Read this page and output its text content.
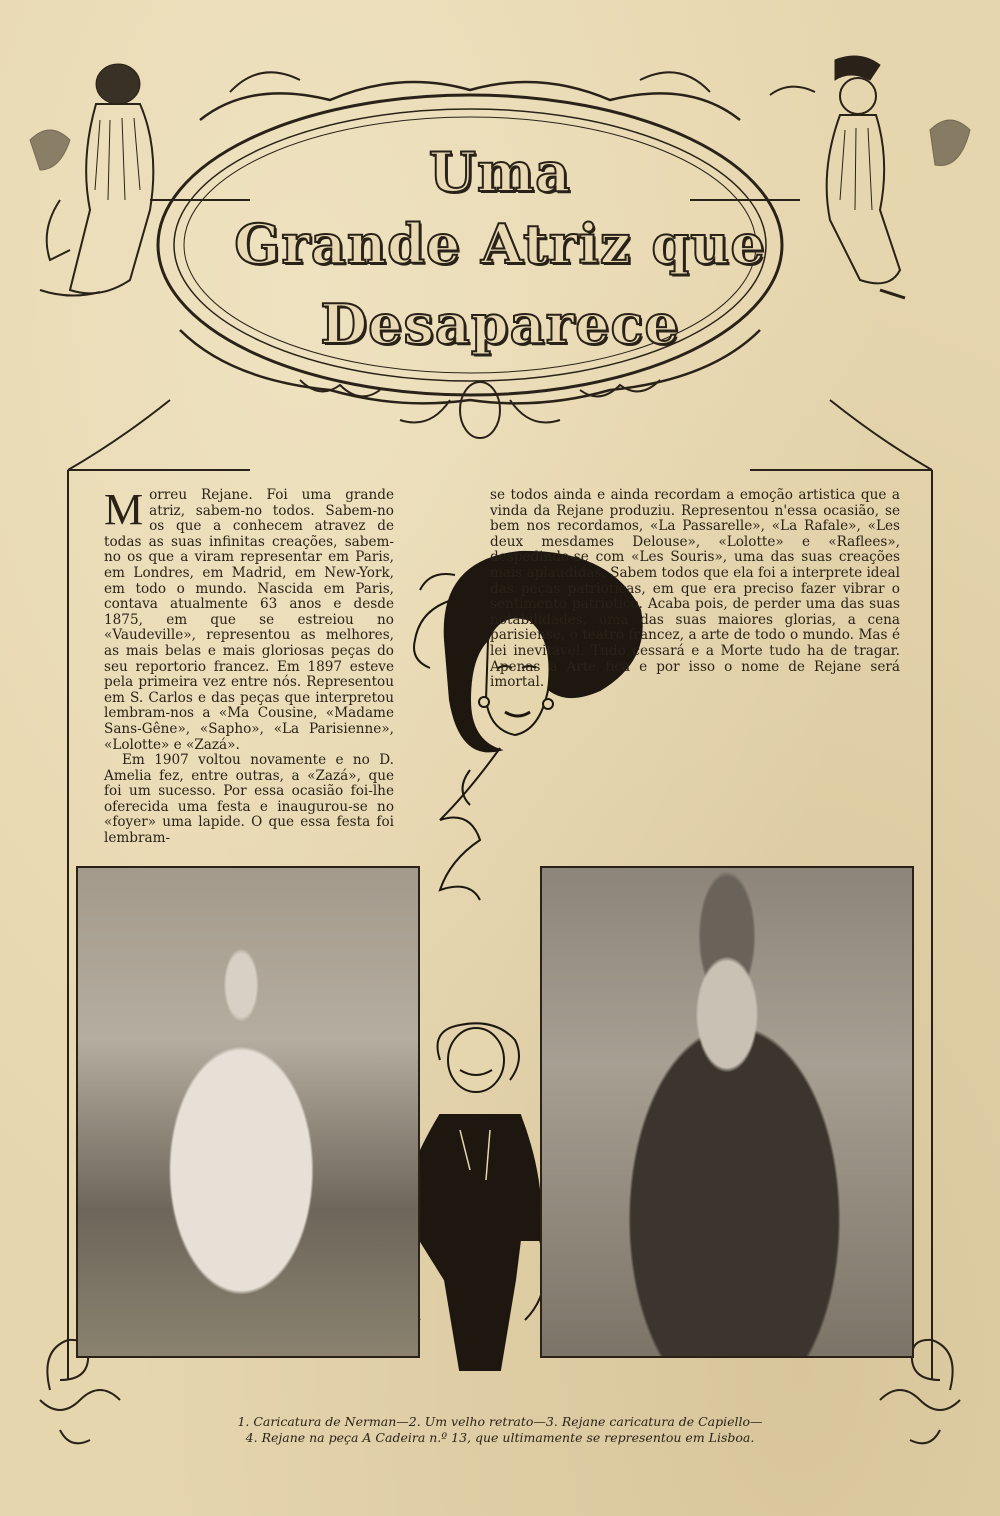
Uma
Grande Atriz que
Desaparece

Morreu Rejane. Foi uma grande atriz, sabem-no todos. Sabem-no os que a conhecem atravez de todas as suas infinitas creações, sabem-no os que a viram representar em Paris, em Londres, em Madrid, em New-York, em todo o mundo. Nascida em Paris, contava atualmente 63 anos e desde 1875, em que se estreiou no «Vaudeville», representou as melhores, as mais belas e mais gloriosas peças do seu reportorio francez. Em 1897 esteve pela primeira vez entre nós. Representou em S. Carlos e das peças que interpretou lembram-nos a «Ma Cousine, «Madame Sans-Gêne», «Sapho», «La Parisienne», «Lolotte» e «Zazá».

Em 1907 voltou novamente e no D. Amelia fez, entre outras, a «Zazá», que foi um sucesso. Por essa ocasião foi-lhe oferecida uma festa e inaugurou-se no «foyer» uma lapide. O que essa festa foi lembram-

se todos ainda e ainda recordam a emoção artistica que a vinda da Rejane produziu. Representou n'essa ocasião, se bem nos recordamos, «La Passarelle», «La Rafale», «Les deux mesdames Delouse», «Lolotte» e «Raflees», despedindo-se com «Les Souris», uma das suas creações mais aplaudidas. Sabem todos que ela foi a interprete ideal das peças patrioticas, em que era preciso fazer vibrar o sentimento patriotico. Acaba pois, de perder uma das suas notabilidades, uma das suas maiores glorias, a cena parisiense, o teatro francez, a arte de todo o mundo. Mas é lei inevitavel. Tudo cessará e a Morte tudo ha de tragar. Apenas a Arte fica e por isso o nome de Rejane será imortal.

1. Caricatura de Nerman—2. Um velho retrato—3. Rejane caricatura de Capiello—
4. Rejane na peça A Cadeira n.º 13, que ultimamente se representou em Lisboa.
